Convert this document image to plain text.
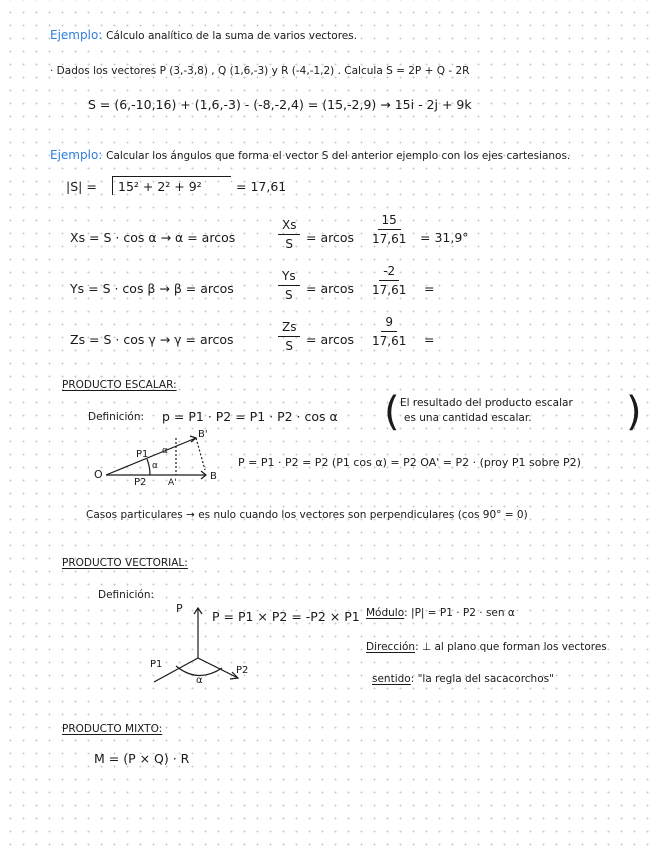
Ejemplo: Cálculo analítico de la suma de varios vectores.
· Dados los vectores P (3,-3,8) , Q (1,6,-3) y R (-4,-1,2) . Calcula S = 2P + Q - 2R
S = (6,-10,16) + (1,6,-3) - (-8,-2,4) = (15,-2,9) → 15i - 2j + 9k
Ejemplo: Calcular los ángulos que forma el vector S del anterior ejemplo con los ejes cartesianos.
|S| = 15² + 2² + 9²	= 17,61
Xs = S · cos α → α = arcos	$\frac{Xs}{S} = arcos \frac{15}{17,61} = 31,9^\circ$
Ys = S · cos β → β = arcos	$\frac{Ys}{S} = arcos \frac{-2}{17,61}$ =
Zs = S · cos γ → γ = arcos	$\frac{Zs}{S} = arcos \frac{9}{17,61}$ =
PRODUCTO ESCALAR:
Definición: p = P1 · P2 = P1 · P2 · cos α ( El resultado del producto escalar
es una cantidad escalar. )
O
A'
B'
B
P1
P2
α
α
P = P1 · P2 = P2 (P1 cos α) = P2 OA' = P2 · (proy P1 sobre P2)
Casos particulares → es nulo cuando los vectores son perpendiculares (cos 90° = 0)
PRODUCTO VECTORIAL:
Definición:
P
P1
P2
α
P = P1 × P2 = -P2 × P1 Módulo: |P| = P1 · P2 · sen α
Dirección: ⊥ al plano que forman los vectores
sentido: "la regla del sacacorchos"
PRODUCTO MIXTO:
M = (P × Q) · R
